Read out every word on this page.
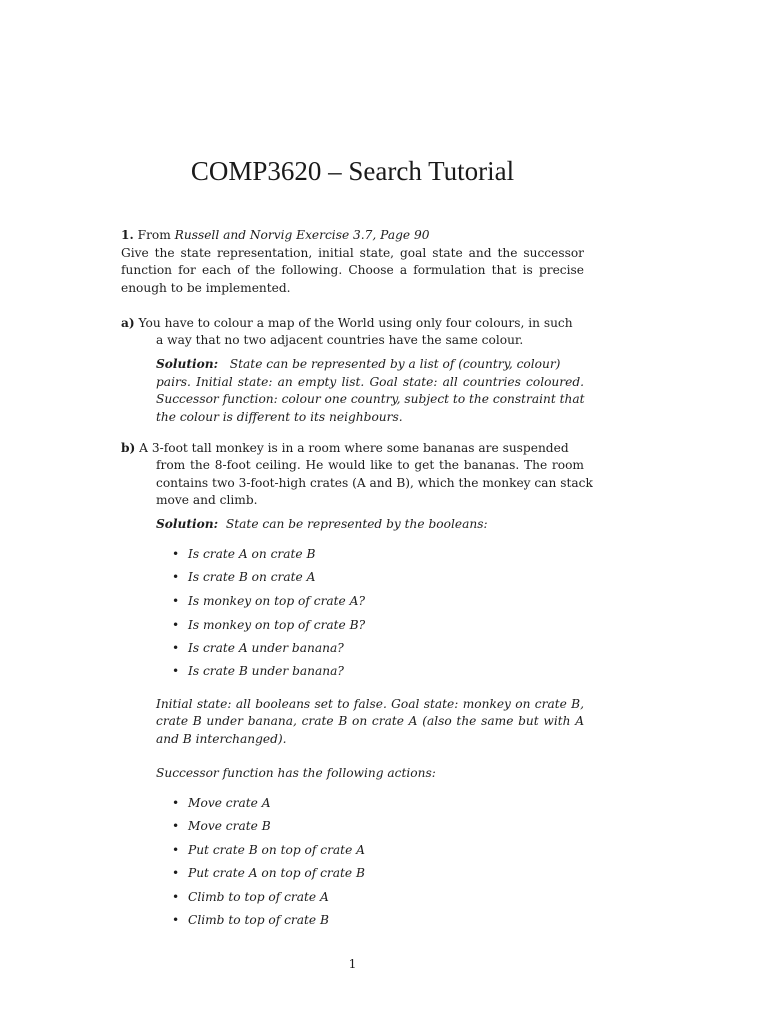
COMP3620 – Search Tutorial
1. From Russell and Norvig Exercise 3.7, Page 90
Give the state representation, initial state, goal state and the successor
function for each of the following. Choose a formulation that is precise
enough to be implemented.
a) You have to colour a map of the World using only four colours, in such
a way that no two adjacent countries have the same colour.
Solution: State can be represented by a list of (country, colour)
pairs. Initial state: an empty list. Goal state: all countries coloured.
Successor function: colour one country, subject to the constraint that
the colour is different to its neighbours.
b) A 3-foot tall monkey is in a room where some bananas are suspended
from the 8-foot ceiling. He would like to get the bananas. The room
contains two 3-foot-high crates (A and B), which the monkey can stack
move and climb.
Solution: State can be represented by the booleans:
• Is crate A on crate B
• Is crate B on crate A
• Is monkey on top of crate A?
• Is monkey on top of crate B?
• Is crate A under banana?
• Is crate B under banana?
Initial state: all booleans set to false. Goal state: monkey on crate B,
crate B under banana, crate B on crate A (also the same but with A
and B interchanged).
Successor function has the following actions:
• Move crate A
• Move crate B
• Put crate B on top of crate A
• Put crate A on top of crate B
• Climb to top of crate A
• Climb to top of crate B
1
